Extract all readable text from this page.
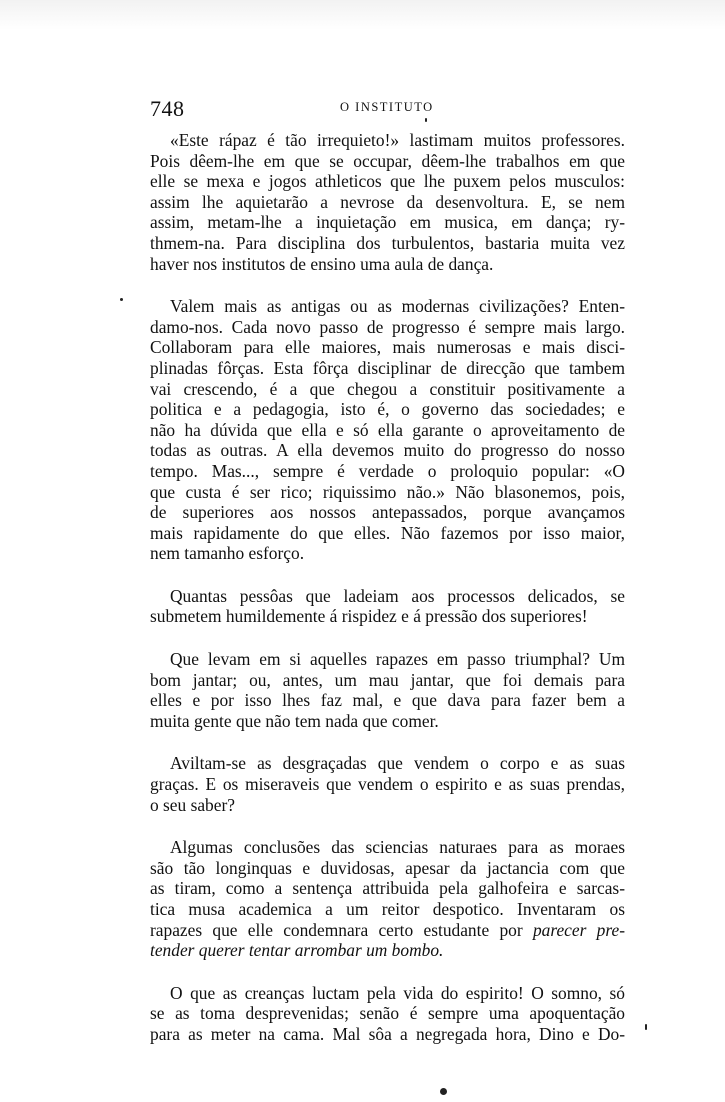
748	O INSTITUTO

«Este rápaz é tão irrequieto!» lastimam muitos professores.
Pois dêem-lhe em que se occupar, dêem-lhe trabalhos em que
elle se mexa e jogos athleticos que lhe puxem pelos musculos:
assim lhe aquietarão a nevrose da desenvoltura. E, se nem
assim, metam-lhe a inquietação em musica, em dança; ry-
thmem-na. Para disciplina dos turbulentos, bastaria muita vez
haver nos institutos de ensino uma aula de dança.

Valem mais as antigas ou as modernas civilizações? Enten-
damo-nos. Cada novo passo de progresso é sempre mais largo.
Collaboram para elle maiores, mais numerosas e mais disci-
plinadas fôrças. Esta fôrça disciplinar de direcção que tambem
vai crescendo, é a que chegou a constituir positivamente a
politica e a pedagogia, isto é, o governo das sociedades; e
não ha dúvida que ella e só ella garante o aproveitamento de
todas as outras. A ella devemos muito do progresso do nosso
tempo. Mas..., sempre é verdade o proloquio popular: «O
que custa é ser rico; riquissimo não.» Não blasonemos, pois,
de superiores aos nossos antepassados, porque avançamos
mais rapidamente do que elles. Não fazemos por isso maior,
nem tamanho esforço.

Quantas pessôas que ladeiam aos processos delicados, se
submetem humildemente á rispidez e á pressão dos superiores!

Que levam em si aquelles rapazes em passo triumphal? Um
bom jantar; ou, antes, um mau jantar, que foi demais para
elles e por isso lhes faz mal, e que dava para fazer bem a
muita gente que não tem nada que comer.

Aviltam-se as desgraçadas que vendem o corpo e as suas
graças. E os miseraveis que vendem o espirito e as suas prendas,
o seu saber?

Algumas conclusões das sciencias naturaes para as moraes
são tão longinquas e duvidosas, apesar da jactancia com que
as tiram, como a sentença attribuida pela galhofeira e sarcas-
tica musa academica a um reitor despotico. Inventaram os
rapazes que elle condemnara certo estudante por parecer pre-
tender querer tentar arrombar um bombo.

O que as creanças luctam pela vida do espirito! O somno, só
se as toma desprevenidas; senão é sempre uma apoquentação
para as meter na cama. Mal sôa a negregada hora, Dino e Do-
